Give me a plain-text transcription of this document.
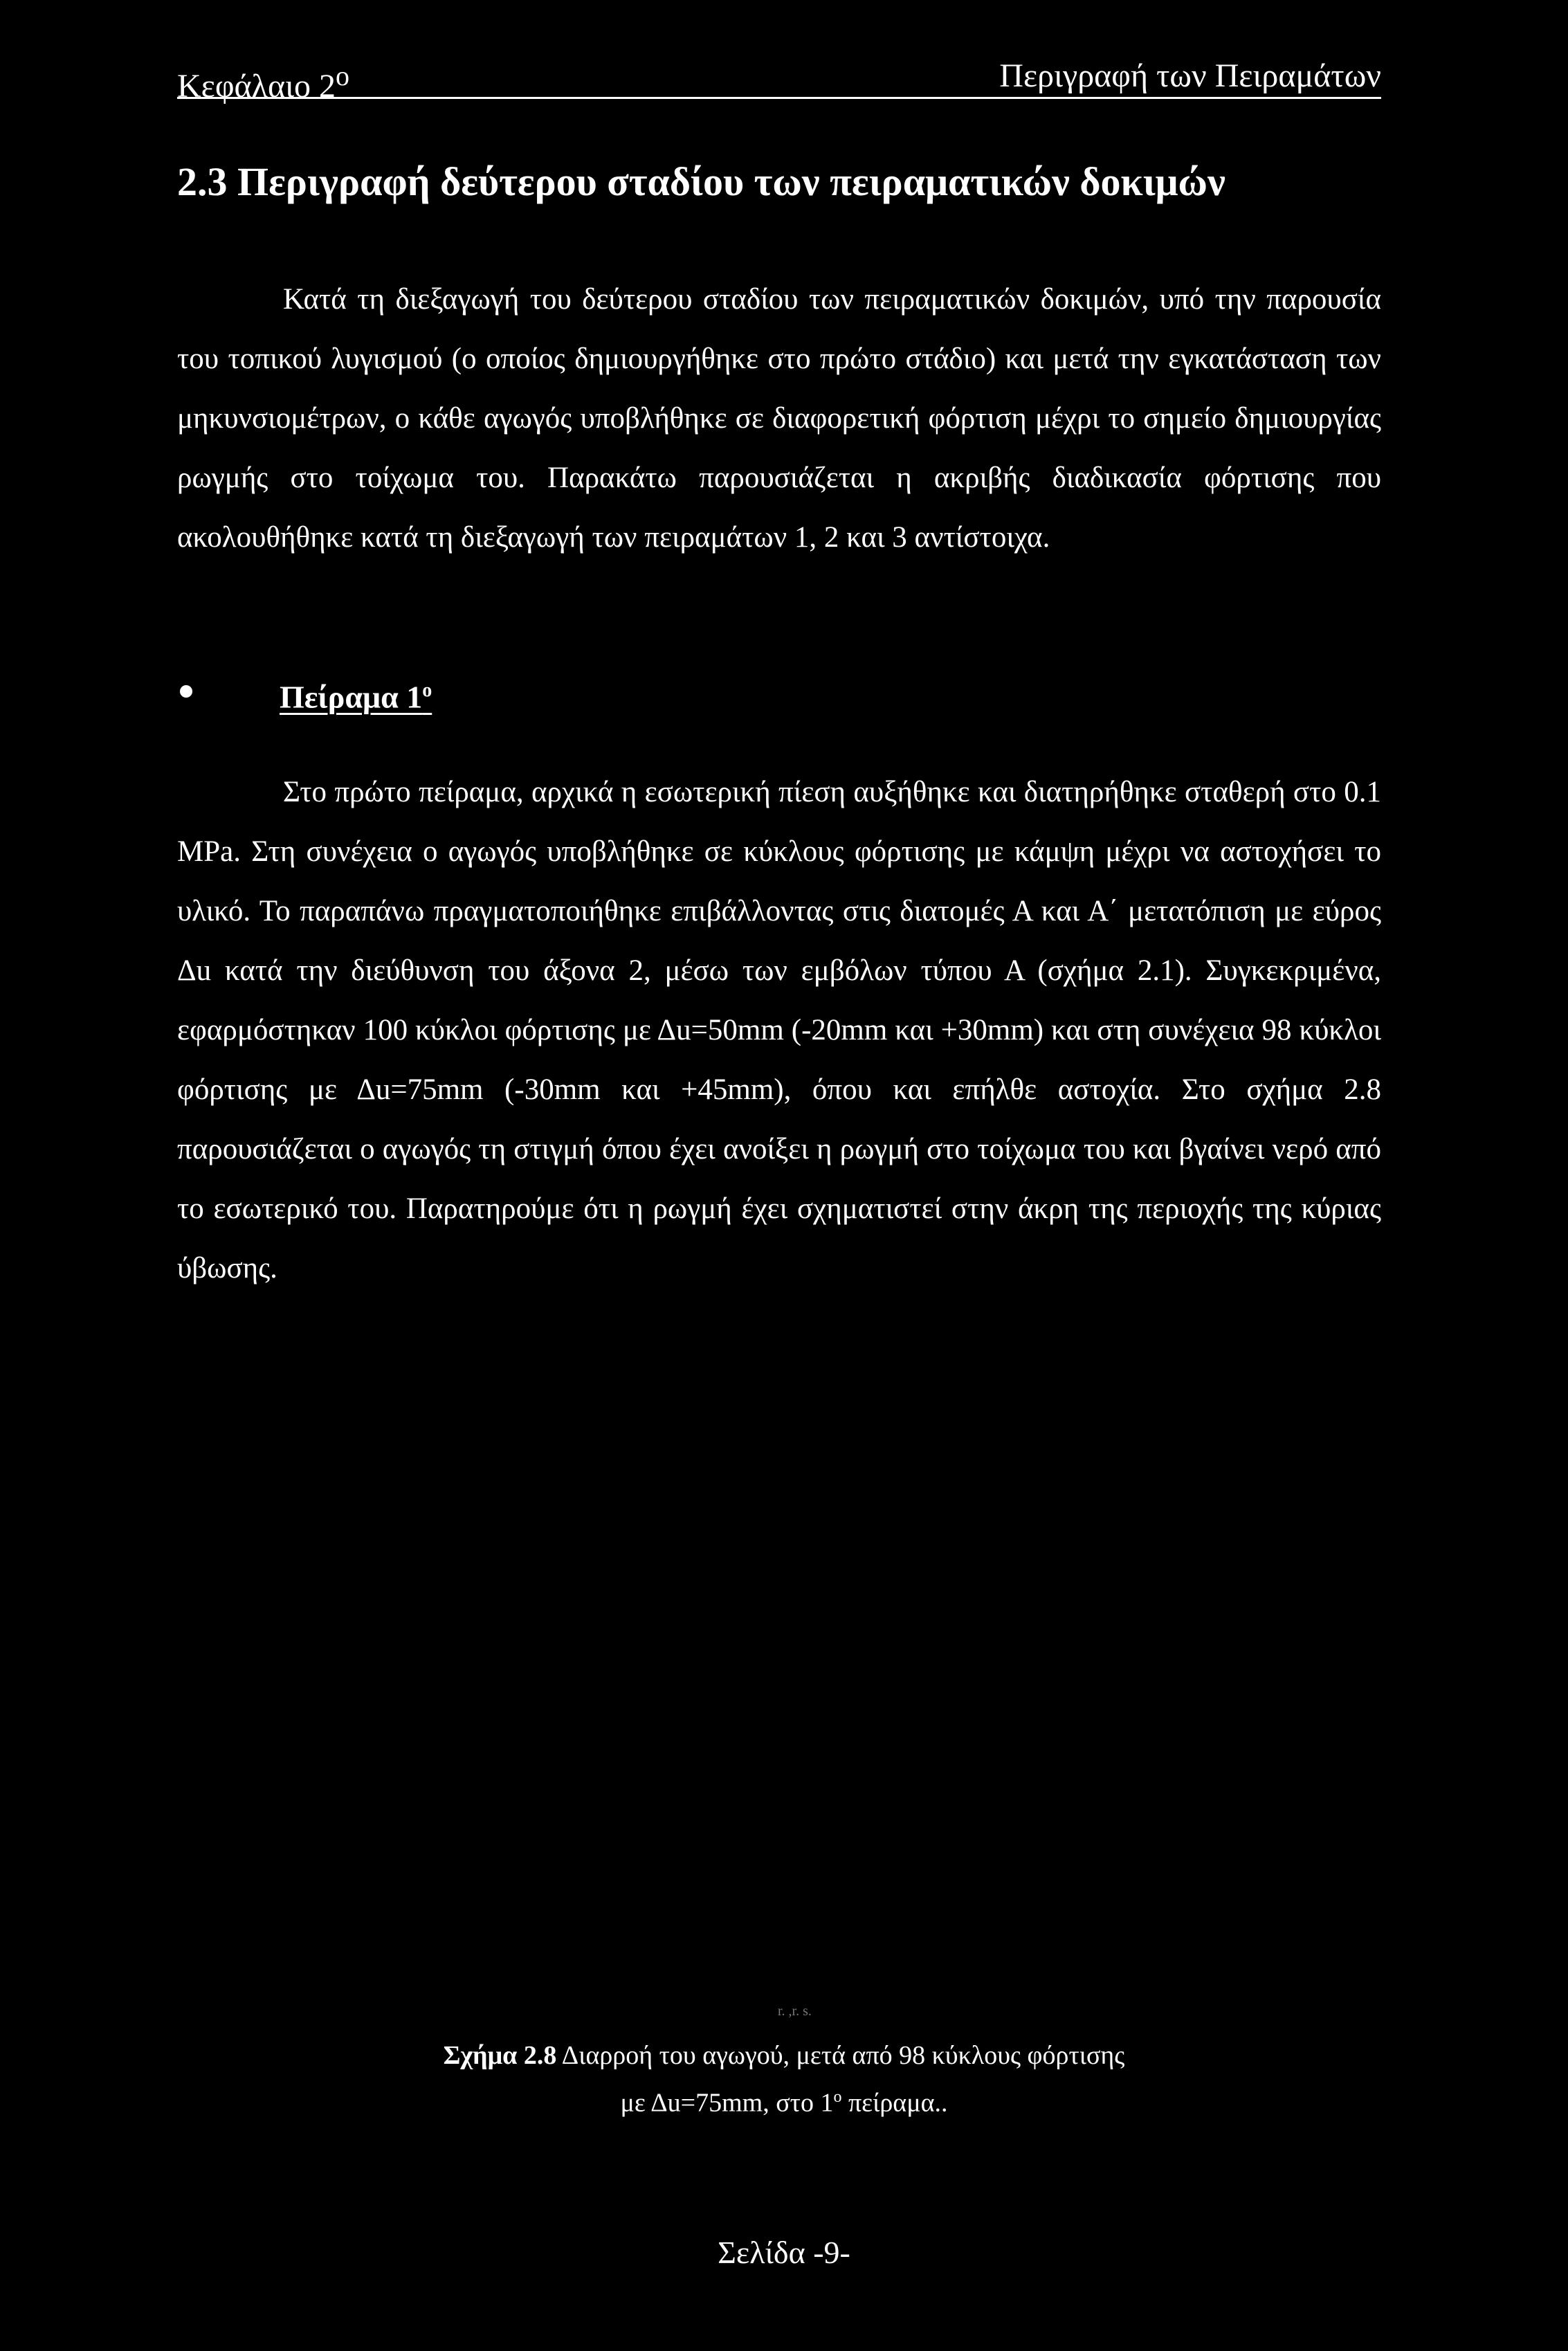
Κεφάλαιο $2^o$	Περιγραφή των Πειραμάτων
2.3 Περιγραφή δεύτερου σταδίου των πειραματικών δοκιμών
Κατά τη διεξαγωγή του δεύτερου σταδίου των πειραματικών δοκιμών, υπό την παρουσία του τοπικού λυγισμού (ο οποίος δημιουργήθηκε στο πρώτο στάδιο) και μετά την εγκατάσταση των μηκυνσιομέτρων, ο κάθε αγωγός υποβλήθηκε σε διαφορετική φόρτιση μέχρι το σημείο δημιουργίας ρωγμής στο τοίχωμα του. Παρακάτω παρουσιάζεται η ακριβής διαδικασία φόρτισης που ακολουθήθηκε κατά τη διεξαγωγή των πειραμάτων 1, 2 και 3 αντίστοιχα.
Πείραμα $1^o$
Στο πρώτο πείραμα, αρχικά η εσωτερική πίεση αυξήθηκε και διατηρήθηκε σταθερή στο 0.1 MPa. Στη συνέχεια ο αγωγός υποβλήθηκε σε κύκλους φόρτισης με κάμψη μέχρι να αστοχήσει το υλικό. Το παραπάνω πραγματοποιήθηκε επιβάλλοντας στις διατομές Α και Α΄ μετατόπιση με εύρος Δu κατά την διεύθυνση του άξονα 2, μέσω των εμβόλων τύπου Α (σχήμα 2.1). Συγκεκριμένα, εφαρμόστηκαν 100 κύκλοι φόρτισης με Δu=50mm (-20mm και +30mm) και στη συνέχεια 98 κύκλοι φόρτισης με Δu=75mm (-30mm και +45mm), όπου και επήλθε αστοχία. Στο σχήμα 2.8 παρουσιάζεται ο αγωγός τη στιγμή όπου έχει ανοίξει η ρωγμή στο τοίχωμα του και βγαίνει νερό από το εσωτερικό του. Παρατηρούμε ότι η ρωγμή έχει σχηματιστεί στην άκρη της περιοχής της κύριας ύβωσης.
r. ,r. s.
Σχήμα 2.8 Διαρροή του αγωγού, μετά από 98 κύκλους φόρτισης
με Δu=75mm, στο $1^o$ πείραμα..
Σελίδα -9-
